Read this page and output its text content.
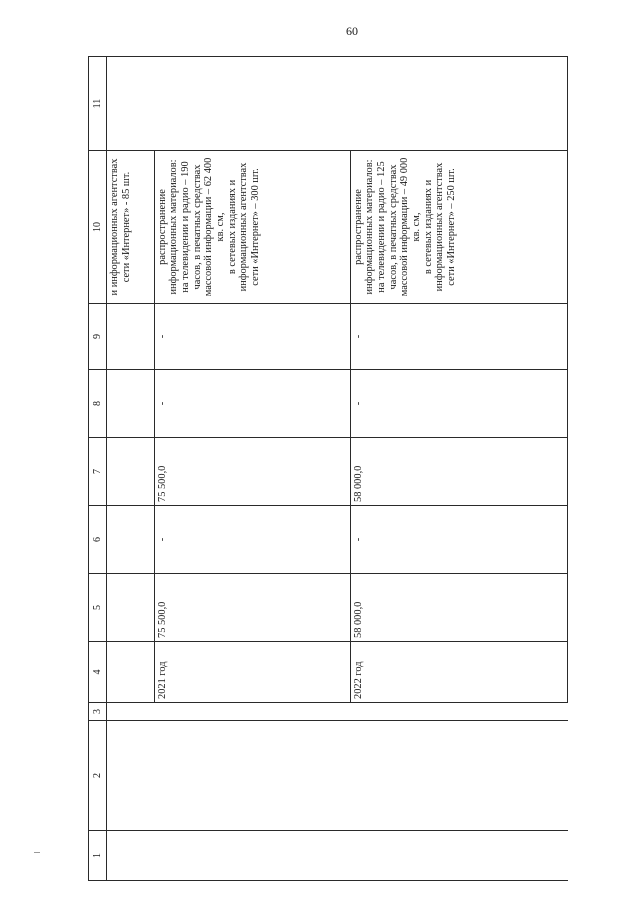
60
1	2	3	4	5	6	7	8	9	10	11
									и информационных агентствах сети «Интернет» - 85 шт.	
			2021 год	75 500,0	-	75 500,0	-	-	распространение информационных материалов:
на телевидении и радио – 190 часов, в печатных средствах массовой информации – 62 400 кв. см,
в сетевых изданиях и информационных агентствах сети «Интернет» – 300 шт.	
			2022 год	58 000,0	-	58 000,0	-	-	распространение информационных материалов:
на телевидении и радио – 125 часов, в печатных средствах массовой информации – 49 000 кв. см,
в сетевых изданиях и информационных агентствах сети «Интернет» – 250 шт.	
